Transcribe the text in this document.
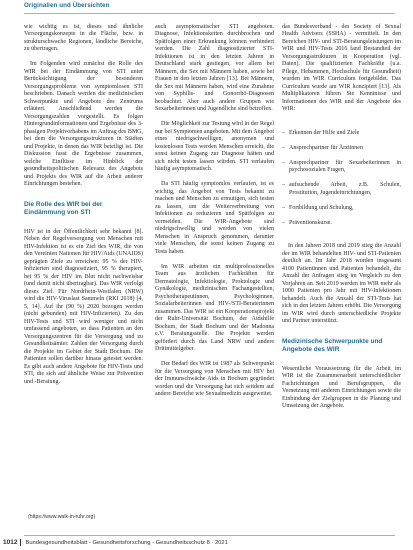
Originalien und Übersichten

wie wichtig es ist, dieses und ähnliche Versorgungskonzepte in die Fläche, bzw. in strukturschwache Regionen, ländliche Bereiche, zu übertragen.

Im Folgenden wird zunächst die Rolle des WIR bei der Eindämmung von STI unter Berücksichtigung der besonderen Versorgungsprobleme von symptomlosen STI beschrieben. Danach werden die medizinischen Schwerpunkte und Angebote des Zentrums erläutert. Anschließend werden die Versorgungszahlen vorgestellt. Es folgen Hintergrundinformationen und Ergebnisse des 3-phasigen Projektvorhabens im Auftrag des BMG, bei dem die Versorgungsstrukturen in Städten und Projekte, in denen das WIR beteiligt ist. Die Diskussion fasst die Ergebnisse zusammen, welche Einflüsse im Hinblick der gesundheitspolitischen Relevanz des Angebots und Projekts des WIR auf die Arbeit anderer Einrichtungen bestehen.

Die Rolle des WIR bei der Eindämmung von STI

HIV ist in der Öffentlichkeit sehr bekannt [8]. Neben der Regelversorgung von Menschen mit HIV-Infektion ist es ein Ziel des WIR, die von den Vereinten Nationen für HIV/Aids (UNAIDS) geprägten Ziele zu erreichen: 95 % der HIV-Infizierten sind diagnostiziert, 95 % therapiert, bei 95 % der HIV im Blut nicht nachweisbar (und damit nicht übertragbar). Das WIR verfolgt dieses Ziel. Für Nordrhein-Westfalen (NRW) wird die HIV-Viruslast Sammeln (RKI 2018) [4, 5, 14]. Auf ihr (90 %) 2020 bezogen werden (nicht gebunden) mit HIV-Infizierten). Zu den HIV-Tests und STI wird weniger und nicht umfassend angeboten, so dass Patienten an den Versorgungszentren für die Versorgung und zu Gesundheitsämter. Zahlen der Versorgung durch die Projekte im Gebiet der Stadt Bochum. Die Patienten sollen darüber hinaus getestet werden. Es gibt auch andere Angebote für HIV-Tests und STI, die sich auf ähnliche Weise zur Prävention und -Beratung.

auch asymptomatischer STI angeboten. Diagnose, Infektionsketten durchbrochen und Spätfolgen einer Erkrankung können verhindert werden. Die Zahl diagnostizierter STI-Infektionen ist in den letzten Jahren in Deutschland stark gestiegen, vor allem bei Männern, die Sex mit Männern haben, sowie bei Frauen in den letzten Jahren [13]. Bei Männern, die Sex mit Männern haben, wird eine Zunahme von Syphilis- und Gonorrhö-Diagnosen beobachtet. Aber auch andere Gruppen wie Sexarbeiterinnen und Jugendliche sind betroffen.

Die Möglichkeit zur Testung wird in der Regel nur bei Symptomen angeboten. Mit dem Angebot eines niedrigschwelligen, anonymen und kostenlosen Tests werden Menschen erreicht, die sonst keinen Zugang zur Diagnose hätten und sich nicht testen lassen würden. STI verlaufen häufig asymptomatisch.

Da STI häufig symptomlos verlaufen, ist es wichtig, das Angebot von Tests bekannt zu machen und Menschen zu ermutigen, sich testen zu lassen, um die Weiterverbreitung von Infektionen zu reduzieren und Spätfolgen zu vermeiden. Die WIR-Angebote sind niedrigschwellig und werden von vielen Menschen in Anspruch genommen, darunter viele Menschen, die sonst keinen Zugang zu Tests haben.

Im WIR arbeiten ein multiprofessionelles Team aus ärztlichen Fachkräften für Dermatologie, Infektiologie, Proktologie und Gynäkologie, medizinischen Fachangestellten, Psychotherapeutinnen, Psychologinnen, Sozialarbeiterinnen und HIV-/STI-Beraterinnen zusammen. Das WIR ist ein Kooperationsprojekt der Ruhr-Universität Bochum, der Aidshilfe Bochum, der Stadt Bochum und der Madonna e.V. Beratungsstelle. Die Projekte werden gefördert durch das Land NRW und andere Drittmittelgeber.

Der Bedarf des WIR ist 1987 als Schwerpunkt für die Versorgung von Menschen mit HIV bei der Immunschwäche Aids in Bochum gegründet worden und die Versorgung hat sich seitdem auf andere Bereiche wie Sexualmedizin ausgeweitet.

das Bundesverband - des Society of Sexual Health Advisers (SSHA) - vermittelt. In den Bereichen HIV- und STI-Beratungsleistungen im WIR und HIV-Tests 2016 fand Bestandteil der Versorgungsstrukturen in Kooperation (vgl. Daten). Die qualifizierten Fachkräfte (u.a. Pflege, Hebammen, Hochschule für Gesundheit) wurden im WIR Curriculum fortgebildet. Das Curriculum wurde am WIR konzipiert [13]. Als Multiplikatoren führen Sie Kenntnisse und Informationen des WIR und der Angebote des WIR:

– Erkennen der Hilfe und Ziele

– Ansprechpartner für Ärztinnen

– Ansprechpartner für Sexarbeiterinnen in psychosozialen Fragen,

– aufsuchende Arbeit, z.B. Schulen, Prostitution, Jugendeinrichtungen,

– Fortbildung und Schulung,

– Präventionskurse.

In den Jahren 2018 und 2019 stieg die Anzahl der im WIR behandelten HIV- und STI-Patienten deutlich an. Im Jahr 2018 wurden insgesamt 4100 Patientinnen und Patienten behandelt, die Anzahl der Anfragen stieg im Vergleich zu den Vorjahren an. Seit 2019 werden im WIR mehr als 1000 Patienten pro Jahr mit HIV-Infektionen behandelt. Auch die Anzahl der STI-Tests hat sich in den letzten Jahren erhöht. Die Versorgung im WIR wird durch unterschiedliche Projekte und Partner unterstützt.

Medizinische Schwerpunkte und Angebote des WIR

Wesentliche Voraussetzung für die Arbeit im WIR ist die Zusammenarbeit unterschiedlicher Fachrichtungen und Berufsgruppen, die Vernetzung mit anderen Einrichtungen sowie die Einbindung der Zielgruppen in die Planung und Umsetzung der Angebote.

(https://www.walk-in-ruhr.org)
1012 Bundesgesundheitsblatt - Gesundheitsforschung - Gesundheitsschutz 8 · 2021
